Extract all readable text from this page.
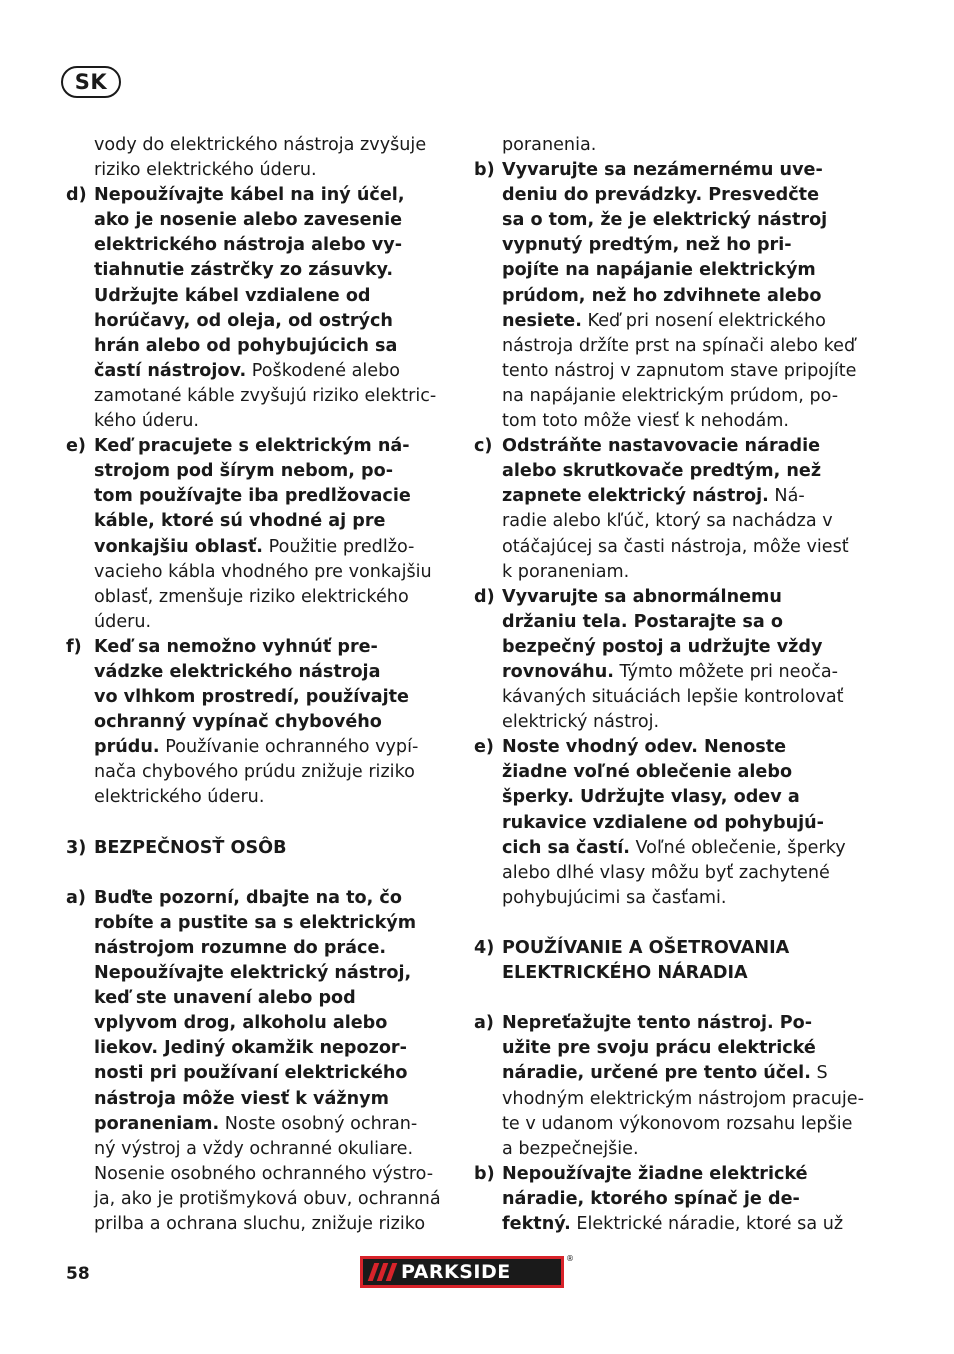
SK
vody do elektrického nástroja zvyšuje
riziko elektrického úderu.
d) Nepoužívajte kábel na iný účel,
ako je nosenie alebo zavesenie
elektrického nástroja alebo vy-
tiahnutie zástrčky zo zásuvky.
Udržujte kábel vzdialene od
horúčavy, od oleja, od ostrých
hrán alebo od pohybujúcich sa
častí nástrojov. Poškodené alebo
zamotané káble zvyšujú riziko elektric-
kého úderu.
e) Keď pracujete s elektrickým ná-
strojom pod šírym nebom, po-
tom používajte iba predlžovacie
káble, ktoré sú vhodné aj pre
vonkajšiu oblasť. Použitie predlžo-
vacieho kábla vhodného pre vonkajšiu
oblasť, zmenšuje riziko elektrického
úderu.
f) Keď sa nemožno vyhnúť pre-
vádzke elektrického nástroja
vo vlhkom prostredí, používajte
ochranný vypínač chybového
prúdu. Používanie ochranného vypí-
nača chybového prúdu znižuje riziko
elektrického úderu.
3) BEZPEČNOSŤ OSÔB
a) Buďte pozorní, dbajte na to, čo
robíte a pustite sa s elektrickým
nástrojom rozumne do práce.
Nepoužívajte elektrický nástroj,
keď ste unavení alebo pod
vplyvom drog, alkoholu alebo
liekov. Jediný okamžik nepozor-
nosti pri používaní elektrického
nástroja môže viesť k vážnym
poraneniam. Noste osobný ochran-
ný výstroj a vždy ochranné okuliare.
Nosenie osobného ochranného výstro-
ja, ako je protišmyková obuv, ochranná
prilba a ochrana sluchu, znižuje riziko
poranenia.
b) Vyvarujte sa nezámernému uve-
deniu do prevádzky. Presvedčte
sa o tom, že je elektrický nástroj
vypnutý predtým, než ho pri-
pojíte na napájanie elektrickým
prúdom, než ho zdvihnete alebo
nesiete. Keď pri nosení elektrického
nástroja držíte prst na spínači alebo keď
tento nástroj v zapnutom stave pripojíte
na napájanie elektrickým prúdom, po-
tom toto môže viesť k nehodám.
c) Odstráňte nastavovacie náradie
alebo skrutkovače predtým, než
zapnete elektrický nástroj. Ná-
radie alebo kľúč, ktorý sa nachádza v
otáčajúcej sa časti nástroja, môže viesť
k poraneniam.
d) Vyvarujte sa abnormálnemu
držaniu tela. Postarajte sa o
bezpečný postoj a udržujte vždy
rovnováhu. Týmto môžete pri neoča-
kávaných situáciách lepšie kontrolovať
elektrický nástroj.
e) Noste vhodný odev. Nenoste
žiadne voľné oblečenie alebo
šperky. Udržujte vlasy, odev a
rukavice vzdialene od pohybujú-
cich sa častí. Voľné oblečenie, šperky
alebo dlhé vlasy môžu byť zachytené
pohybujúcimi sa časťami.
4) POUŽÍVANIE A OŠETROVANIA
ELEKTRICKÉHO NÁRADIA
a) Nepreťažujte tento nástroj. Po-
užite pre svoju prácu elektrické
náradie, určené pre tento účel. S
vhodným elektrickým nástrojom pracuje-
te v udanom výkonovom rozsahu lepšie
a bezpečnejšie.
b) Nepoužívajte žiadne elektrické
náradie, ktorého spínač je de-
fektný. Elektrické náradie, ktoré sa už
58	PARKSIDE
®
